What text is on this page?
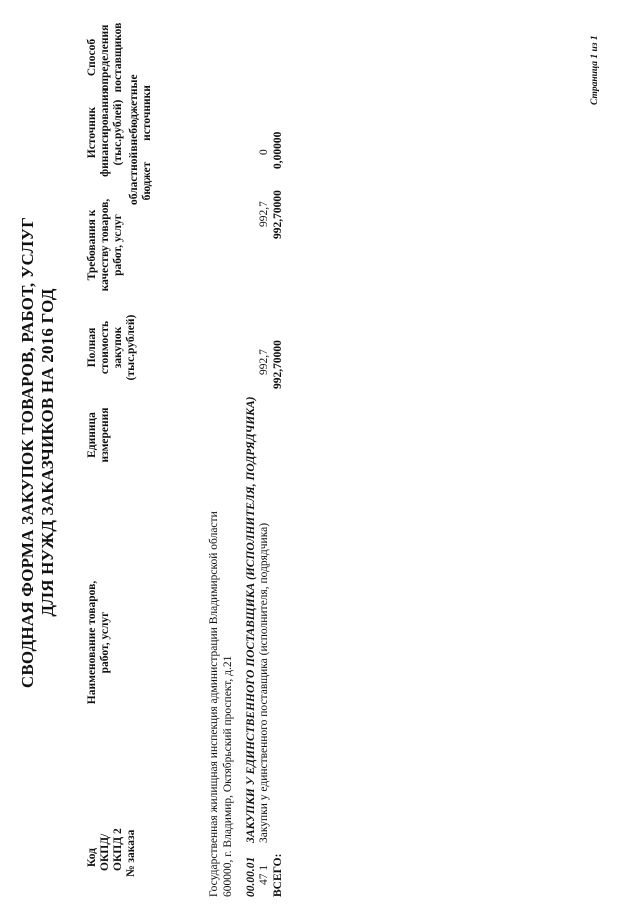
СВОДНАЯ ФОРМА ЗАКУПОК ТОВАРОВ, РАБОТ, УСЛУГ ДЛЯ НУЖД ЗАКАЗЧИКОВ НА 2016 ГОД
Код ОКПД/ ОКПД 2 № заказа
Наименование товаров, работ, услуг
Единица измерения
Полная стоимость закупок (тыс.рублей)
Требования к качеству товаров, работ, услуг
Источник финансирования (тыс.рублей)
областной бюджет
внебюджетные источники
Способ определения поставщиков
Государственная жилищная инспекция администрации Владимирской области 600000, г. Владимир, Октябрьский проспект, д.21 00.00.01
ЗАКУПКИ У ЕДИНСТВЕННОГО ПОСТАВЩИКА (ИСПОЛНИТЕЛЯ, ПОДРЯДЧИКА)
47 1
Закупки у единственного поставщика (исполнителя, подрядчика)
992,7
992,7
0
ВСЕГО:
992,70000
992,70000
0,00000
Страница 1 из 1
